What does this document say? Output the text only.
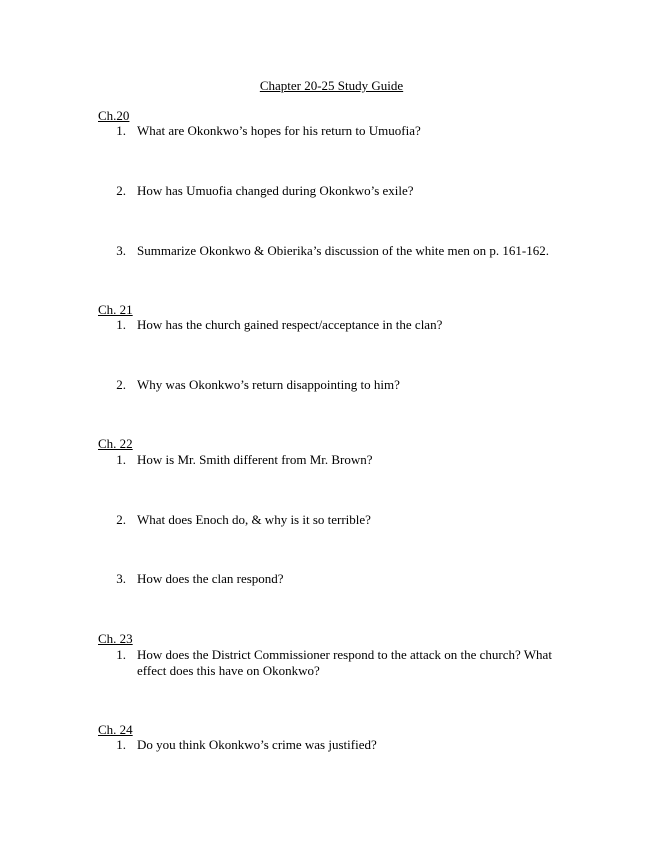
Chapter 20-25 Study Guide
Ch.20
1. What are Okonkwo’s hopes for his return to Umuofia?
2. How has Umuofia changed during Okonkwo’s exile?
3. Summarize Okonkwo & Obierika’s discussion of the white men on p. 161-162.
Ch. 21
1. How has the church gained respect/acceptance in the clan?
2. Why was Okonkwo’s return disappointing to him?
Ch. 22
1. How is Mr. Smith different from Mr. Brown?
2. What does Enoch do, & why is it so terrible?
3. How does the clan respond?
Ch. 23
1. How does the District Commissioner respond to the attack on the church? What effect does this have on Okonkwo?
Ch. 24
1. Do you think Okonkwo’s crime was justified?
